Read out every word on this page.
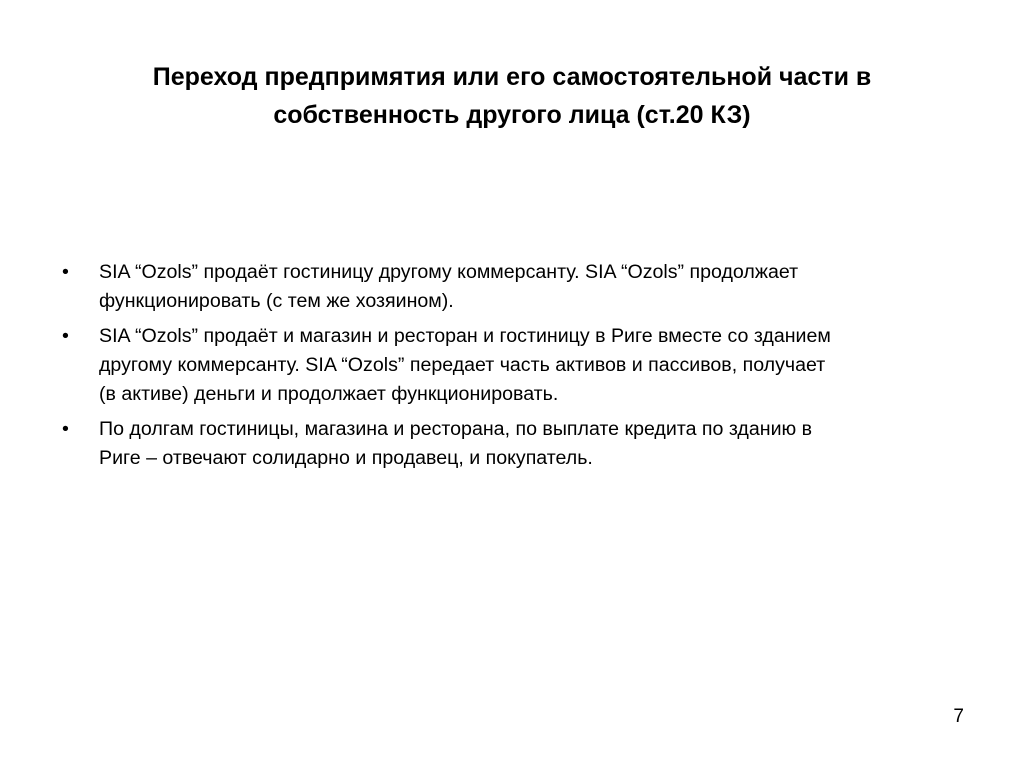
Переход предпримятия или его самостоятельной части в
собственность другого лица (ст.20 КЗ)
•	SIA “Ozols” продаёт гостиницу другому коммерсанту. SIA “Ozols” продолжает
функционировать (с тем же хозяином).
•	SIA “Ozols” продаёт и магазин и ресторан и гостиницу в Риге вместе со зданием
другому коммерсанту. SIA “Ozols” передает часть активов и пассивов, получает
(в активе) деньги и продолжает функционировать.
•	По долгам гостиницы, магазина и ресторана, по выплате кредита по зданию в
Риге – отвечают солидарно и продавец, и покупатель.
7
